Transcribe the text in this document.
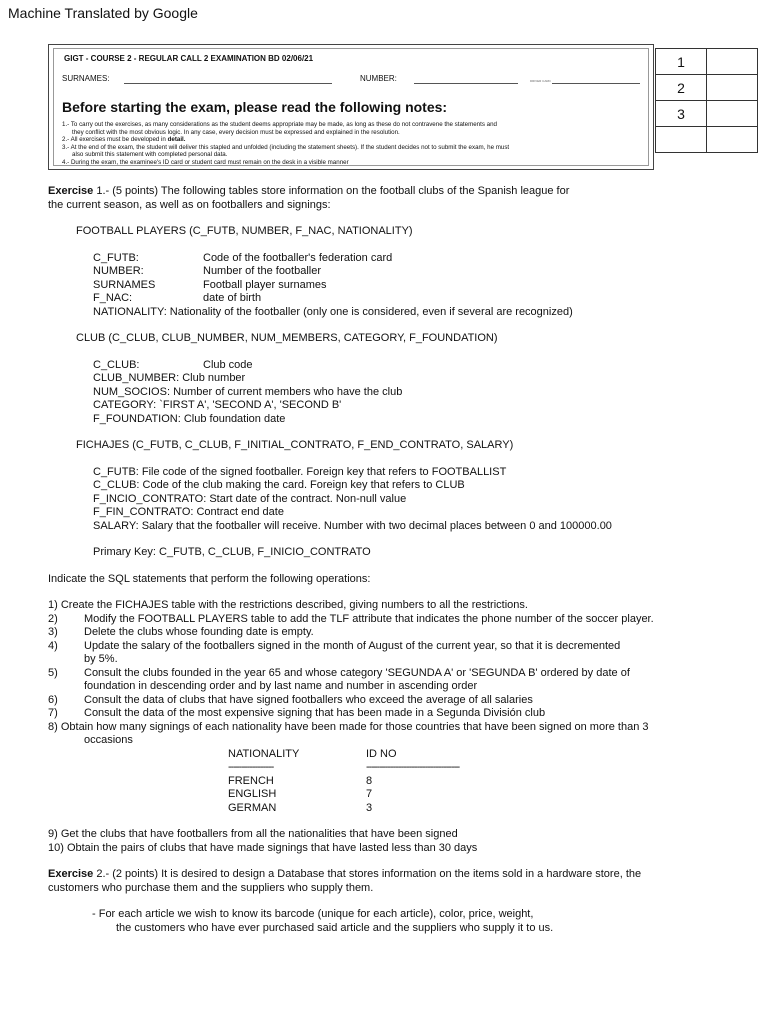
Machine Translated by Google
GIGT - COURSE 2 - REGULAR CALL 2 EXAMINATION BD 02/06/21
SURNAMES:	NUMBER:	DRIVER CARD
Before starting the exam, please read the following notes:
1.- To carry out the exercises, as many considerations as the student deems appropriate may be made, as long as these do not contravene the statements and
they conflict with the most obvious logic. In any case, every decision must be expressed and explained in the resolution.
2.- All exercises must be developed in detail.
3.- At the end of the exam, the student will deliver this stapled and unfolded (including the statement sheets). If the student decides not to submit the exam, he must
also submit this statement with completed personal data.
4.- During the exam, the examinee's ID card or student card must remain on the desk in a visible manner
1	
2	
3	

Exercise 1.- (5 points) The following tables store information on the football clubs of the Spanish league for

the current season, as well as on footballers and signings:

FOOTBALL PLAYERS (C_FUTB, NUMBER, F_NAC, NATIONALITY)

C_FUTB:	Code of the footballer's federation card
NUMBER:	Number of the footballer
SURNAMES	Football player surnames
F_NAC:	date of birth

NATIONALITY: Nationality of the footballer (only one is considered, even if several are recognized)

CLUB (C_CLUB, CLUB_NUMBER, NUM_MEMBERS, CATEGORY, F_FOUNDATION)

C_CLUB:	Club code

CLUB_NUMBER: Club number

NUM_SOCIOS: Number of current members who have the club

CATEGORY: `FIRST A', 'SECOND A', 'SECOND B'

F_FOUNDATION: Club foundation date

FICHAJES (C_FUTB, C_CLUB, F_INITIAL_CONTRATO, F_END_CONTRATO, SALARY)

C_FUTB: File code of the signed footballer. Foreign key that refers to FOOTBALLIST

C_CLUB: Code of the club making the card. Foreign key that refers to CLUB

F_INCIO_CONTRATO: Start date of the contract. Non-null value

F_FIN_CONTRATO: Contract end date

SALARY: Salary that the footballer will receive. Number with two decimal places between 0 and 100000.00

Primary Key: C_FUTB, C_CLUB, F_INICIO_CONTRATO

Indicate the SQL statements that perform the following operations:

1) Create the FICHAJES table with the restrictions described, giving numbers to all the restrictions.

2)	Modify the FOOTBALL PLAYERS table to add the TLF attribute that indicates the phone number of the soccer player.
3)	Delete the clubs whose founding date is empty.
4)	Update the salary of the footballers signed in the month of August of the current year, so that it is decremented
by 5%.
5)	Consult the clubs founded in the year 65 and whose category 'SEGUNDA A' or 'SEGUNDA B' ordered by date of
foundation in descending order and by last name and number in ascending order
6)	Consult the data of clubs that have signed footballers who exceed the average of all salaries
7)	Consult the data of the most expensive signing that has been made in a Segunda División club

8) Obtain how many signings of each nationality have been made for those countries that have been signed on more than 3

occasions

NATIONALITY	ID NO
-----------------	-----------------------------------
FRENCH	8
ENGLISH	7
GERMAN	3

9) Get the clubs that have footballers from all the nationalities that have been signed

10) Obtain the pairs of clubs that have made signings that have lasted less than 30 days

Exercise 2.- (2 points) It is desired to design a Database that stores information on the items sold in a hardware store, the

customers who purchase them and the suppliers who supply them.

- For each article we wish to know its barcode (unique for each article), color, price, weight,

the customers who have ever purchased said article and the suppliers who supply it to us.
